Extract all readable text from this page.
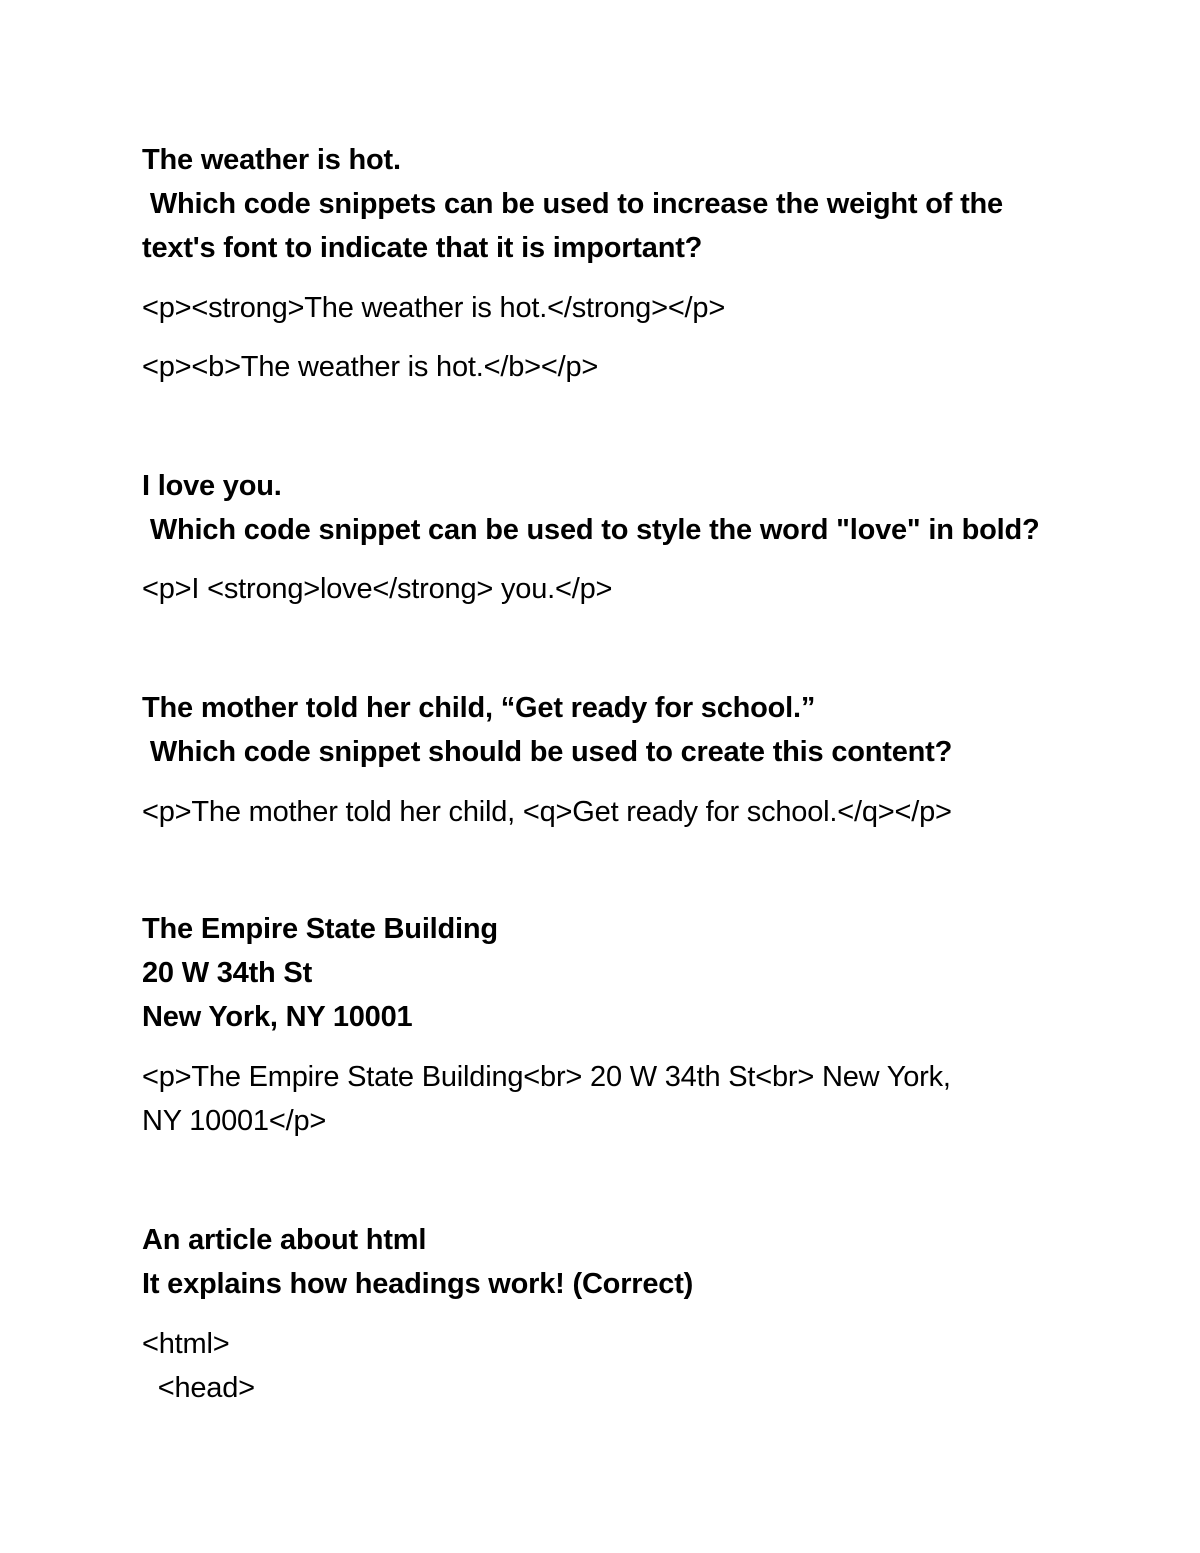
The weather is hot.
Which code snippets can be used to increase the weight of the
text's font to indicate that it is important?
<p><strong>The weather is hot.</strong></p>
<p><b>The weather is hot.</b></p>
I love you.
Which code snippet can be used to style the word "love" in bold?
<p>I <strong>love</strong> you.</p>
The mother told her child, “Get ready for school.”
Which code snippet should be used to create this content?
<p>The mother told her child, <q>Get ready for school.</q></p>
The Empire State Building
20 W 34th St
New York, NY 10001
<p>The Empire State Building<br> 20 W 34th St<br> New York,
NY 10001</p>
An article about html
It explains how headings work! (Correct)
<html>
<head>
